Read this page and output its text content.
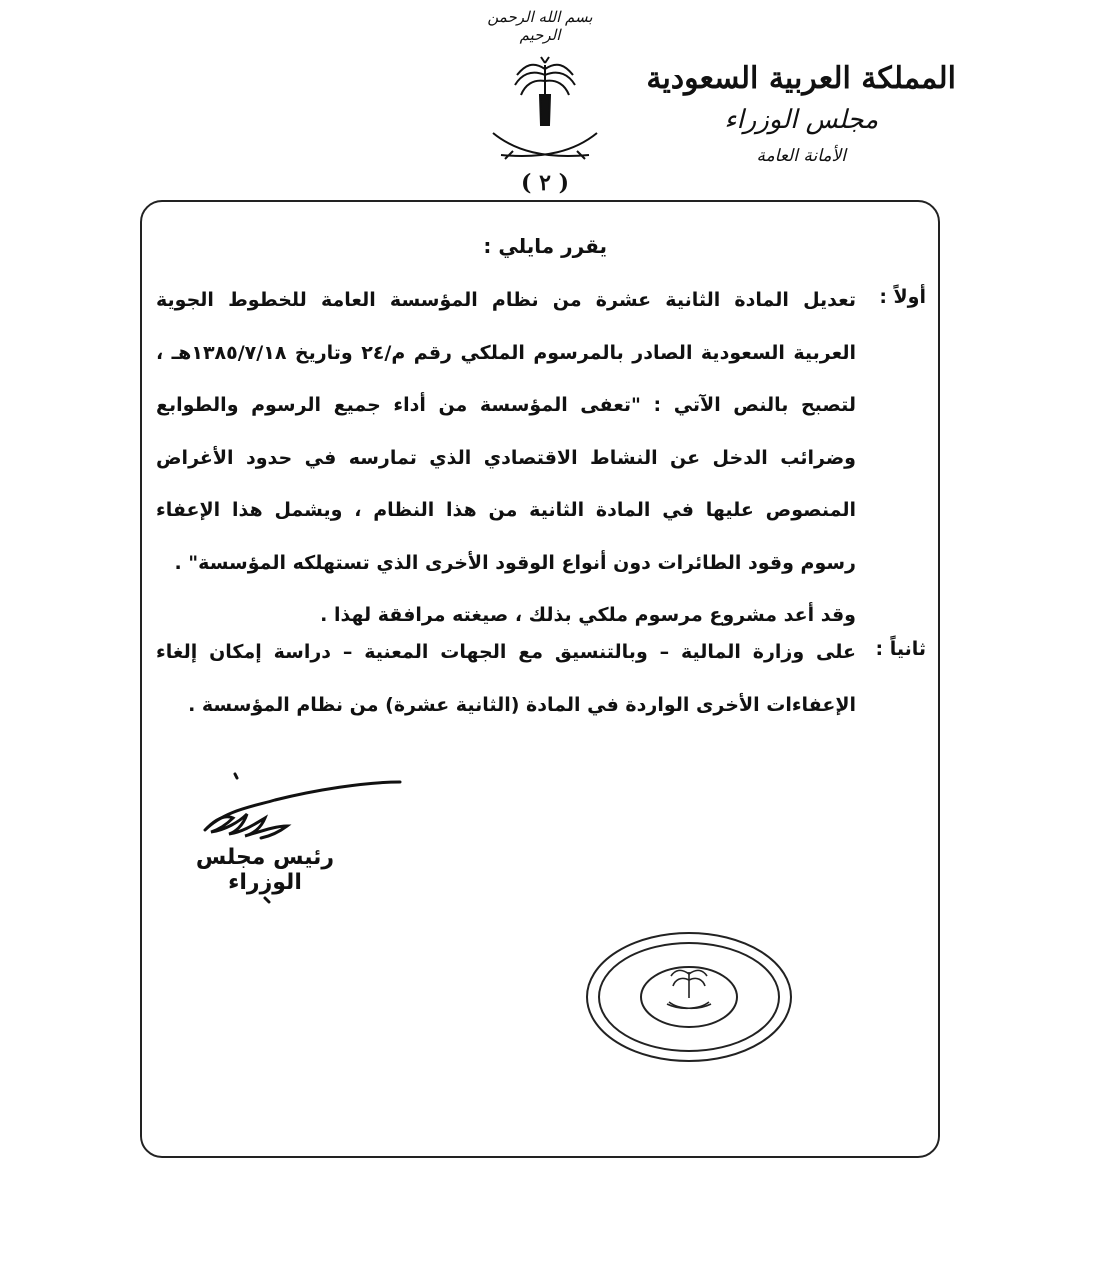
بسم الله الرحمن الرحيم
( ٢ )
المملكة العربية السعودية
مجلس الوزراء
الأمانة العامة
يقرر مايلي :
أولاً :
تعديل المادة الثانية عشرة من نظام المؤسسة العامة للخطوط الجوية العربية السعودية الصادر بالمرسوم الملكي رقم م/٢٤ وتاريخ ١٣٨٥/٧/١٨هـ ، لتصبح بالنص الآتي : "تعفى المؤسسة من أداء جميع الرسوم والطوابع وضرائب الدخل عن النشاط الاقتصادي الذي تمارسه في حدود الأغراض المنصوص عليها في المادة الثانية من هذا النظام ، ويشمل هذا الإعفاء رسوم وقود الطائرات دون أنواع الوقود الأخرى الذي تستهلكه المؤسسة" .
وقد أعد مشروع مرسوم ملكي بذلك ، صيغته مرافقة لهذا .
ثانياً :
على وزارة المالية – وبالتنسيق مع الجهات المعنية – دراسة إمكان إلغاء الإعفاءات الأخرى الواردة في المادة (الثانية عشرة) من نظام المؤسسة .
رئيس مجلس الوزراء
